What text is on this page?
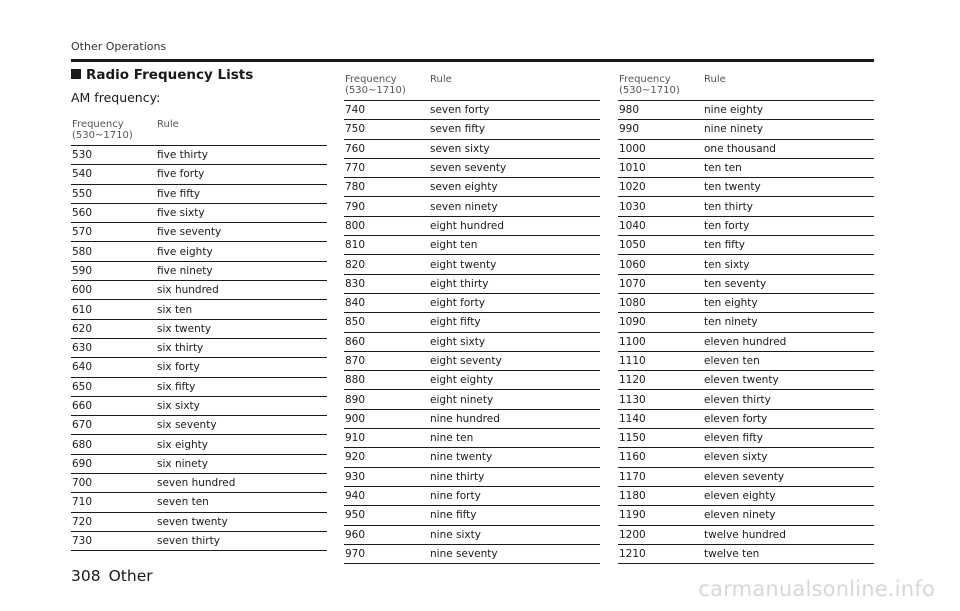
Other Operations
Radio Frequency Lists
AM frequency:
Frequency
(530~1710)	Rule
530	five thirty
540	five forty
550	five fifty
560	five sixty
570	five seventy
580	five eighty
590	five ninety
600	six hundred
610	six ten
620	six twenty
630	six thirty
640	six forty
650	six fifty
660	six sixty
670	six seventy
680	six eighty
690	six ninety
700	seven hundred
710	seven ten
720	seven twenty
730	seven thirty
Frequency
(530~1710)	Rule
740	seven forty
750	seven fifty
760	seven sixty
770	seven seventy
780	seven eighty
790	seven ninety
800	eight hundred
810	eight ten
820	eight twenty
830	eight thirty
840	eight forty
850	eight fifty
860	eight sixty
870	eight seventy
880	eight eighty
890	eight ninety
900	nine hundred
910	nine ten
920	nine twenty
930	nine thirty
940	nine forty
950	nine fifty
960	nine sixty
970	nine seventy
Frequency
(530~1710)	Rule
980	nine eighty
990	nine ninety
1000	one thousand
1010	ten ten
1020	ten twenty
1030	ten thirty
1040	ten forty
1050	ten fifty
1060	ten sixty
1070	ten seventy
1080	ten eighty
1090	ten ninety
1100	eleven hundred
1110	eleven ten
1120	eleven twenty
1130	eleven thirty
1140	eleven forty
1150	eleven fifty
1160	eleven sixty
1170	eleven seventy
1180	eleven eighty
1190	eleven ninety
1200	twelve hundred
1210	twelve ten
308 Other
carmanualsonline.info
